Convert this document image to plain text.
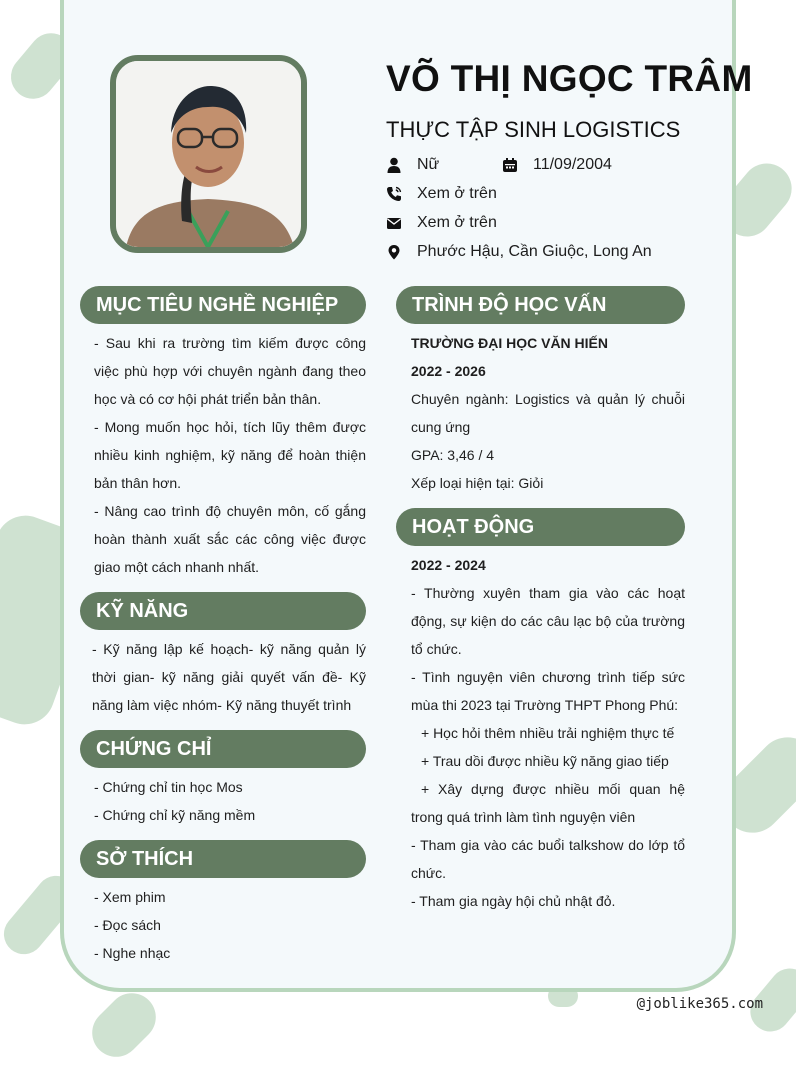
VÕ THỊ NGỌC TRÂM
THỰC TẬP SINH LOGISTICS
Nữ	11/09/2004
Xem ở trên
Xem ở trên
Phước Hậu, Cần Giuộc, Long An
MỤC TIÊU NGHỀ NGHIỆP

- Sau khi ra trường tìm kiếm được công việc phù hợp với chuyên ngành đang theo học và có cơ hội phát triển bản thân.

- Mong muốn học hỏi, tích lũy thêm được nhiều kinh nghiệm, kỹ năng để hoàn thiện bản thân hơn.

- Nâng cao trình độ chuyên môn, cố gắng hoàn thành xuất sắc các công việc được giao một cách nhanh nhất.

KỸ NĂNG

- Kỹ năng lập kế hoạch- kỹ năng quản lý thời gian- kỹ năng giải quyết vấn đề- Kỹ năng làm việc nhóm- Kỹ năng thuyết trình

CHỨNG CHỈ

- Chứng chỉ tin học Mos

- Chứng chỉ kỹ năng mềm

SỞ THÍCH

- Xem phim

- Đọc sách

- Nghe nhạc

TRÌNH ĐỘ HỌC VẤN

TRƯỜNG ĐẠI HỌC VĂN HIẾN

2022 - 2026

Chuyên ngành: Logistics và quản lý chuỗi cung ứng

GPA: 3,46 / 4

Xếp loại hiện tại: Giỏi

HOẠT ĐỘNG

2022 - 2024

- Thường xuyên tham gia vào các hoạt động, sự kiện do các câu lạc bộ của trường tổ chức.

- Tình nguyện viên chương trình tiếp sức mùa thi 2023 tại Trường THPT Phong Phú:

+ Học hỏi thêm nhiều trải nghiệm thực tế

+ Trau dồi được nhiều kỹ năng giao tiếp

+ Xây dựng được nhiều mối quan hệ trong quá trình làm tình nguyện viên

- Tham gia vào các buổi talkshow do lớp tổ chức.

- Tham gia ngày hội chủ nhật đỏ.

@joblike365.com
